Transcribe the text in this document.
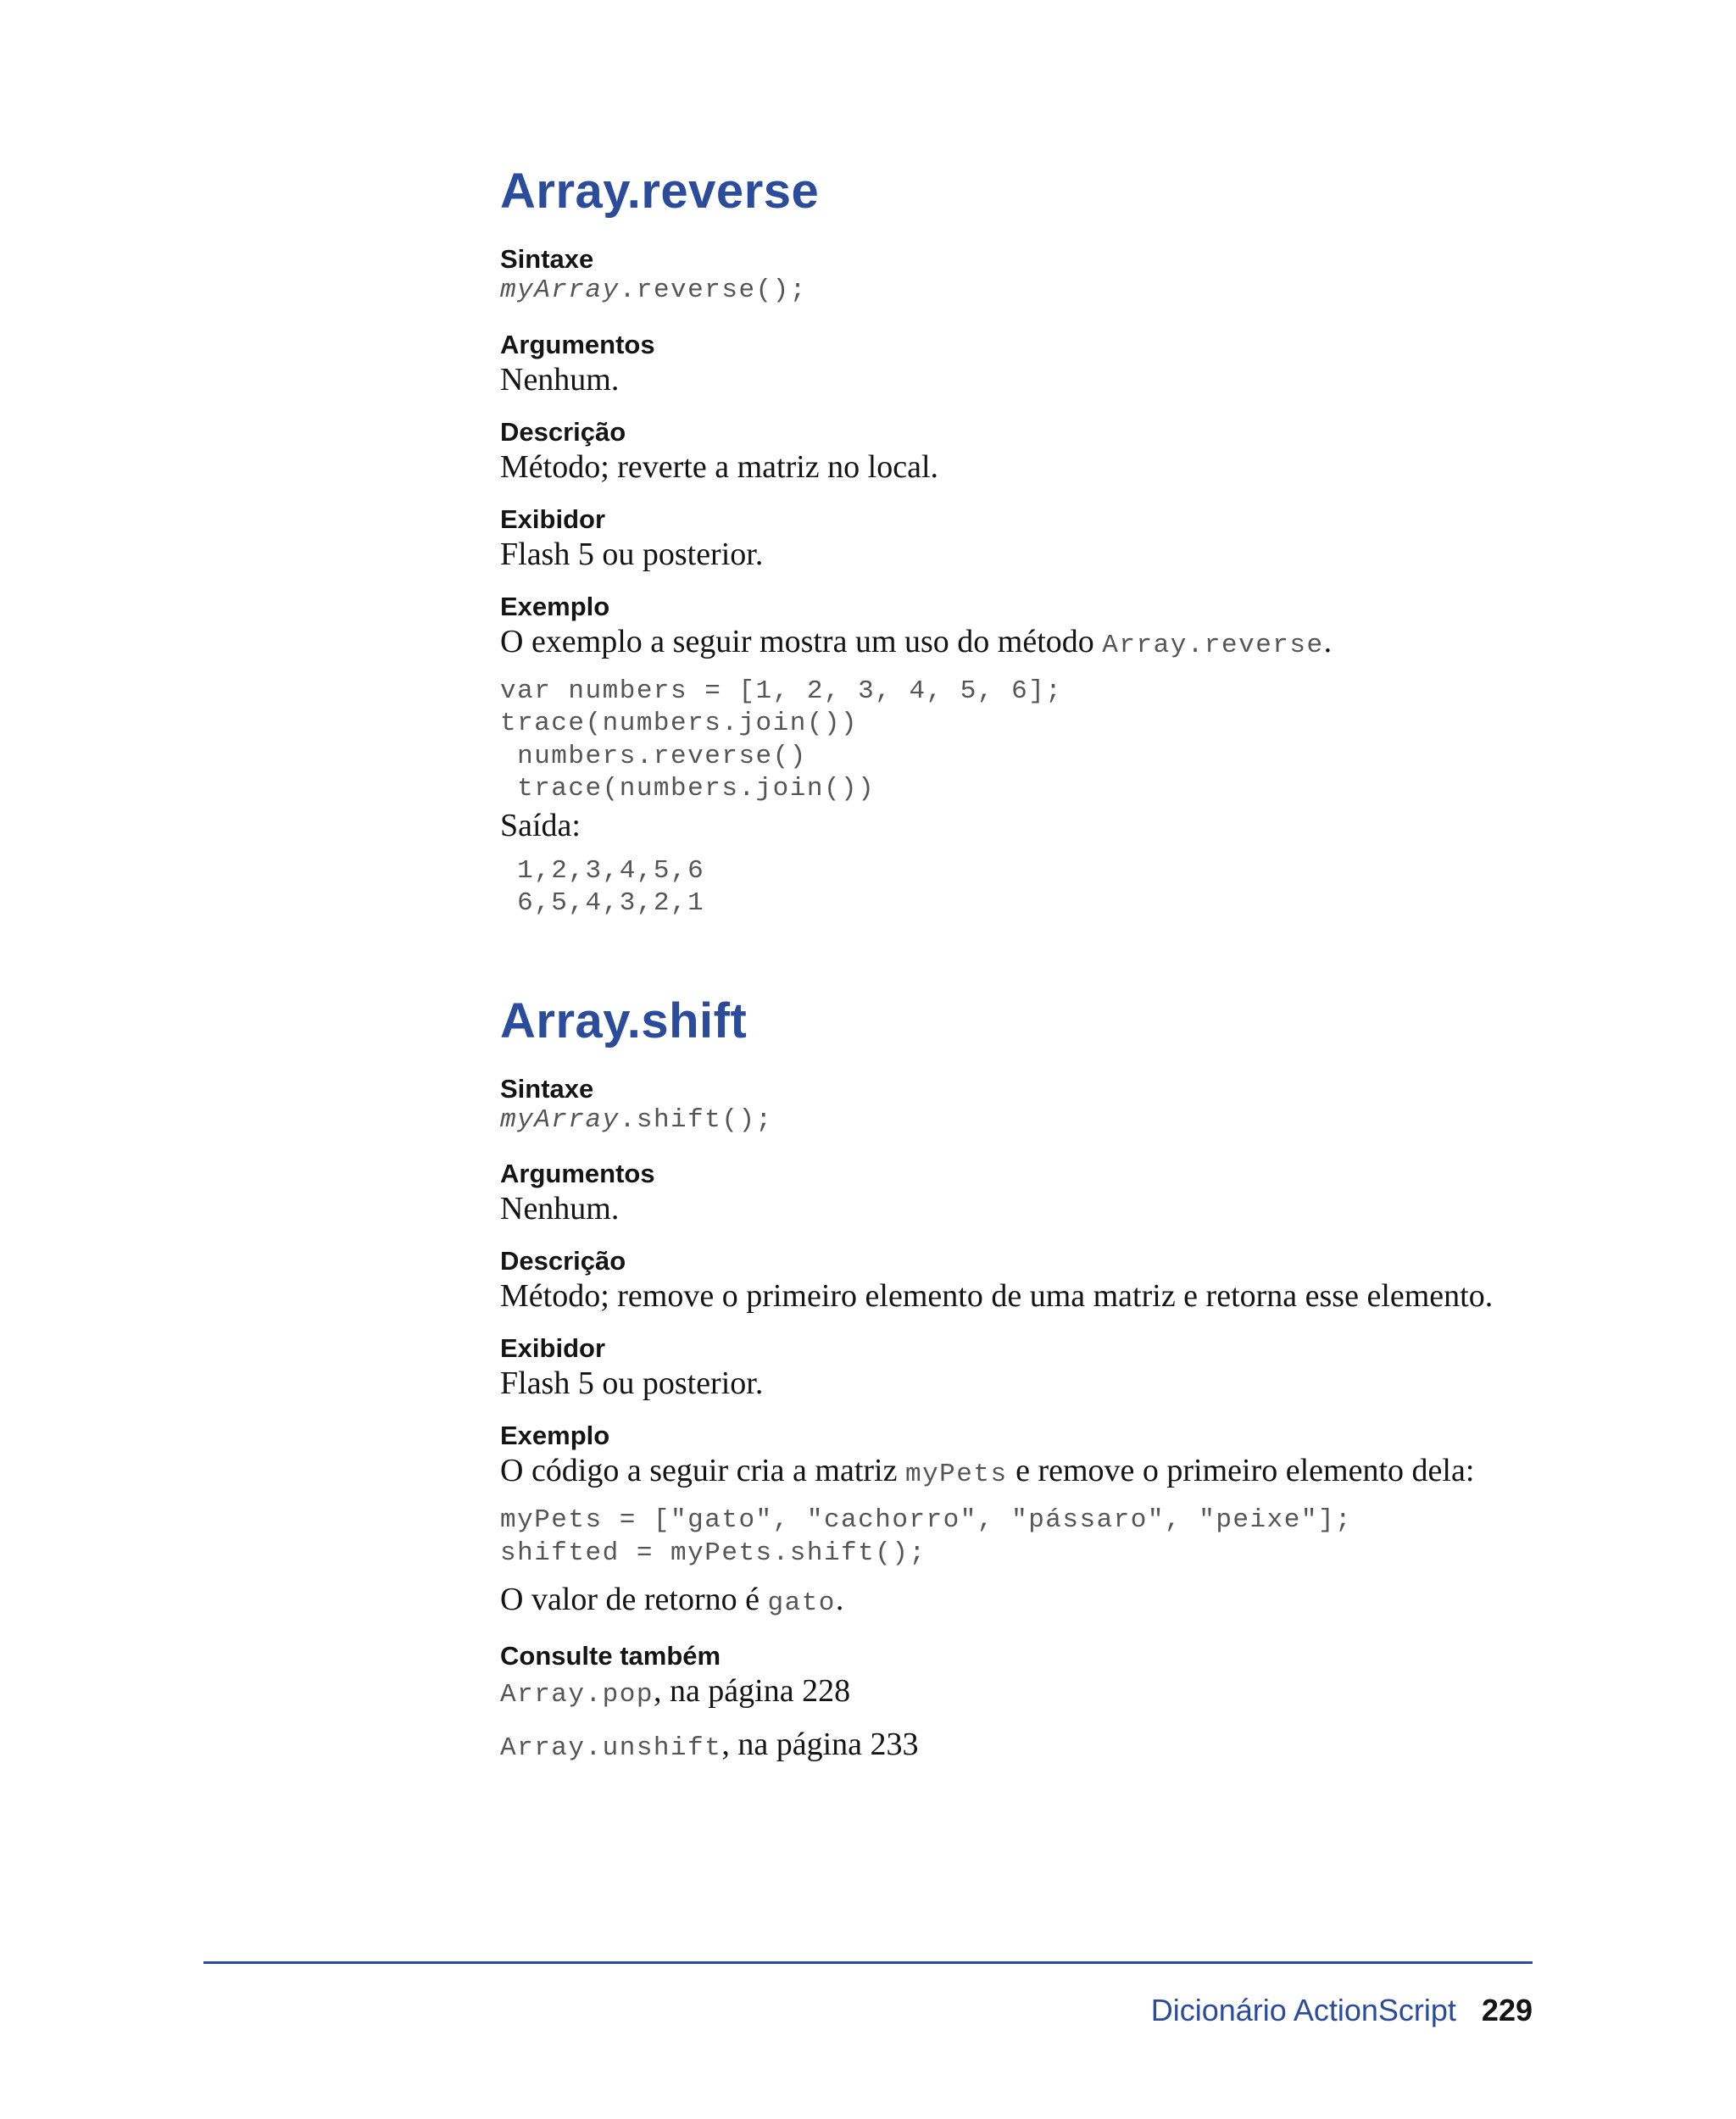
Array.reverse
Sintaxe
myArray.reverse();
Argumentos
Nenhum.
Descrição
Método; reverte a matriz no local.
Exibidor
Flash 5 ou posterior.
Exemplo
O exemplo a seguir mostra um uso do método Array.reverse.
var numbers = [1, 2, 3, 4, 5, 6];
trace(numbers.join())
numbers.reverse()
trace(numbers.join())
Saída:
1,2,3,4,5,6
6,5,4,3,2,1
Array.shift
Sintaxe
myArray.shift();
Argumentos
Nenhum.
Descrição
Método; remove o primeiro elemento de uma matriz e retorna esse elemento.
Exibidor
Flash 5 ou posterior.
Exemplo
O código a seguir cria a matriz myPets e remove o primeiro elemento dela:
myPets = ["gato", "cachorro", "pássaro", "peixe"];
shifted = myPets.shift();
O valor de retorno é gato.
Consulte também
Array.pop, na página 228
Array.unshift, na página 233
Dicionário ActionScript 229
